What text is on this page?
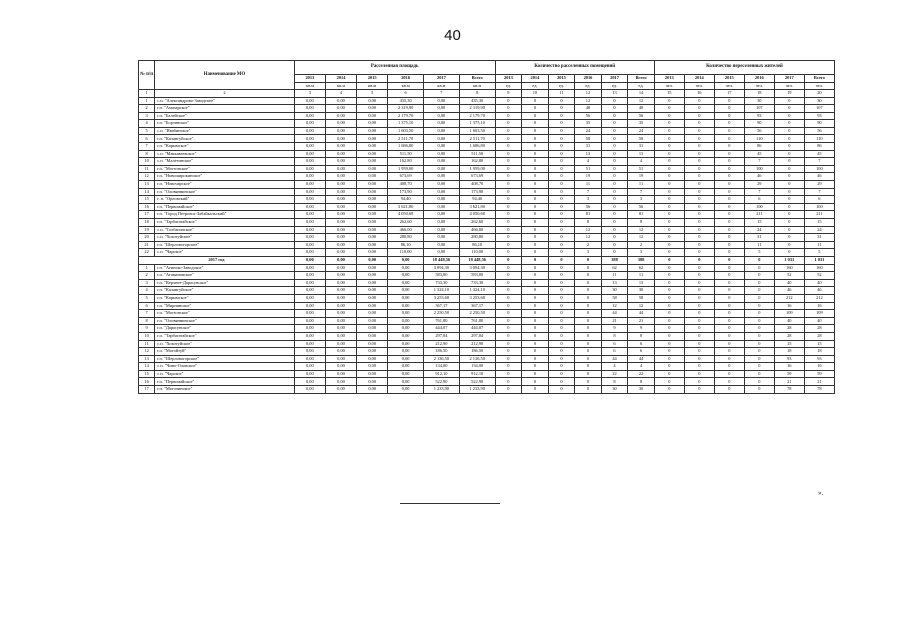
40
№ п/п	Наименование МО	Расселенная площадь						Количество расселенных помещений						Количество переселенных жителей					
		2013	2014	2015	2016	2017	Всего	2013	2014	2015	2016	2017	Всего	2013	2014	2015	2016	2017	Всего
		кв.м	кв.м	кв.м	кв.м	кв.м	кв.м	ед.	ед.	ед.	ед.	ед.	ед.	чел.	чел.	чел.	чел.	чел.	чел.
1	2	3	4	5	6	7	8	9	10	11	12	13	14	15	16	17	18	19	20
1	с.п. "Александрово-Заводское"	0,00	0,00	0,00	435,30	0,00	435,30	0	0	0	12	0	12	0	0	0	30	0	30
2	г.п. "Амазарское"	0,00	0,00	0,00	2 319,90	0,00	2 319,90	0	0	0	48	0	48	0	0	0	107	0	107
3	г.п. "Балейское"	0,00	0,00	0,00	2 179,70	0,00	2 179,70	0	0	0	56	0	56	0	0	0	93	0	93
4	г.п. "Борзинское"	0,00	0,00	0,00	1 375,10	0,00	1 375,10	0	0	0	35	0	35	0	0	0	90	0	90
5	с.п. "Ивабинское"	0,00	0,00	0,00	1 603,50	0,00	1 603,50	0	0	0	24	0	24	0	0	0	56	0	56
6	г.п. "Калангуйское"	0,00	0,00	0,00	2 511,70	0,00	2 511,70	0	0	0	58	0	58	0	0	0	110	0	110
7	г.п. "Карымское"	0,00	0,00	0,00	1 686,80	0,00	1 686,80	0	0	0	31	0	31	0	0	0	86	0	86
8	с.п. "Маккавеевское"	0,00	0,00	0,00	511,50	0,00	511,50	0	0	0	13	0	13	0	0	0	45	0	45
10	с.п. "Малетинское"	0,00	0,00	0,00	162,80	0,00	162,80	0	0	0	4	0	4	0	0	0	7	0	7
11	г.п. "Могзонское"	0,00	0,00	0,00	1 959,00	0,00	1 959,00	0	0	0	51	0	51	0	0	0	100	0	100
12	г.п. "Новоширокинское"	0,00	0,00	0,00	673,69	0,00	673,69	0	0	0	19	0	19	0	0	0	46	0	46
13	г.п. "Новочарское"	0,00	0,00	0,00	408,70	0,00	408,70	0	0	0	11	0	11	0	0	0	29	0	29
14	г.п. "Оловяннинское"	0,00	0,00	0,00	173,90	0,00	173,90	0	0	0	7	0	7	0	0	0	7	0	7
15	г. п. "Орловский"	0,00	0,00	0,00	94,40	0,00	94,40	0	0	0	3	0	3	0	0	0	6	0	6
16	г.п. "Первомайское"	0,00	0,00	0,00	3 621,80	0,00	3 621,80	0	0	0	56	0	56	0	0	0	100	0	100
17	г.п. "Город Петровск-Забайкальский"	0,00	0,00	0,00	4 050,68	0,00	4 050,68	0	0	0	81	0	81	0	0	0	211	0	211
18	г.п. "Тарбагатайское"	0,00	0,00	0,00	262,60	0,00	262,60	0	0	0	8	0	8	0	0	0	15	0	15
19	с.п. "Толбагинское"	0,00	0,00	0,00	466,00	0,00	466,00	0	0	0	12	0	12	0	0	0	24	0	24
20	с.п. "Хохотуйское"	0,00	0,00	0,00	280,80	0,00	280,80	0	0	0	12	0	12	0	0	0	31	0	31
21	г.п. "Шерловогорское"	0,00	0,00	0,00	86,10	0,00	86,10	0	0	0	2	0	2	0	0	0	11	0	11
22	с.п. "Чарское"	0,00	0,00	0,00	110,00	0,00	110,00	0	0	0	3	0	3	0	0	0	5	0	5
2017 год		0,00	0,00	0,00	0,00	18 448,56	18 448,56	0	0	0	0	388	388	0	0	0	0	1 031	1 031
1	г.п. "Агинско-Заводское"	0,00	0,00	0,00	0,00	3 094,30	3 094,30	0	0	0	0	62	62	0	0	0	0	160	160
2	г.п. "Атамановское"	0,00	0,00	0,00	0,00	583,00	583,00	0	0	0	0	11	11	0	0	0	0	52	52
3	г.п. "Верхнее-Дарасунское"	0,00	0,00	0,00	0,00	733,30	733,30	0	0	0	0	13	13	0	0	0	0	40	40
4	г.п. "Калангуйское"	0,00	0,00	0,00	0,00	1 324,10	1 324,10	0	0	0	0	30	30	0	0	0	0	46	46
5	г.п. "Карымское"	0,00	0,00	0,00	0,00	3 253,68	3 253,68	0	0	0	0	58	58	0	0	0	0	212	212
6	г.п. "Мирнинское"	0,00	0,00	0,00	0,00	367,17	367,17	0	0	0	0	12	12	0	0	0	0	16	16
7	г.п. "Могзонское"	0,00	0,00	0,00	0,00	2 250,50	2 250,50	0	0	0	0	44	44	0	0	0	0	109	109
8	г.п. "Оловяннинское"	0,00	0,00	0,00	0,00	761,80	761,80	0	0	0	0	21	21	0	0	0	0	40	40
9	г.п. "Дарасунское"	0,00	0,00	0,00	0,00	444,07	444,07	0	0	0	0	9	9	0	0	0	0	28	28
10	г.п. "Тарбагатайское"	0,00	0,00	0,00	0,00	297,84	297,84	0	0	0	0	8	8	0	0	0	0	28	28
11	с.п. "Хохотуйское"	0,00	0,00	0,00	0,00	212,90	212,90	0	0	0	0	6	6	0	0	0	0	15	15
12	г.п. "Могойтуй"	0,00	0,00	0,00	0,00	186,50	186,50	0	0	0	0	6	6	0	0	0	0	18	18
13	г.п. "Шерловогорское"	0,00	0,00	0,00	0,00	2 136,50	2 136,50	0	0	0	0	44	44	0	0	0	0	93	93
14	с.п. "Чино-Оловское"	0,00	0,00	0,00	0,00	134,00	134,00	0	0	0	0	4	4	0	0	0	0	16	16
15	с.п. "Чарское"	0,00	0,00	0,00	0,00	912,10	912,10	0	0	0	0	22	22	0	0	0	0	59	59
16	г.п. "Первомайское"	0,00	0,00	0,00	0,00	522,90	522,90	0	0	0	0	8	8	0	0	0	0	21	21
17	г.п. "Могочинское"	0,00	0,00	0,00	0,00	1 233,90	1 233,90	0	0	0	0	30	30	0	0	0	0	78	78
».
